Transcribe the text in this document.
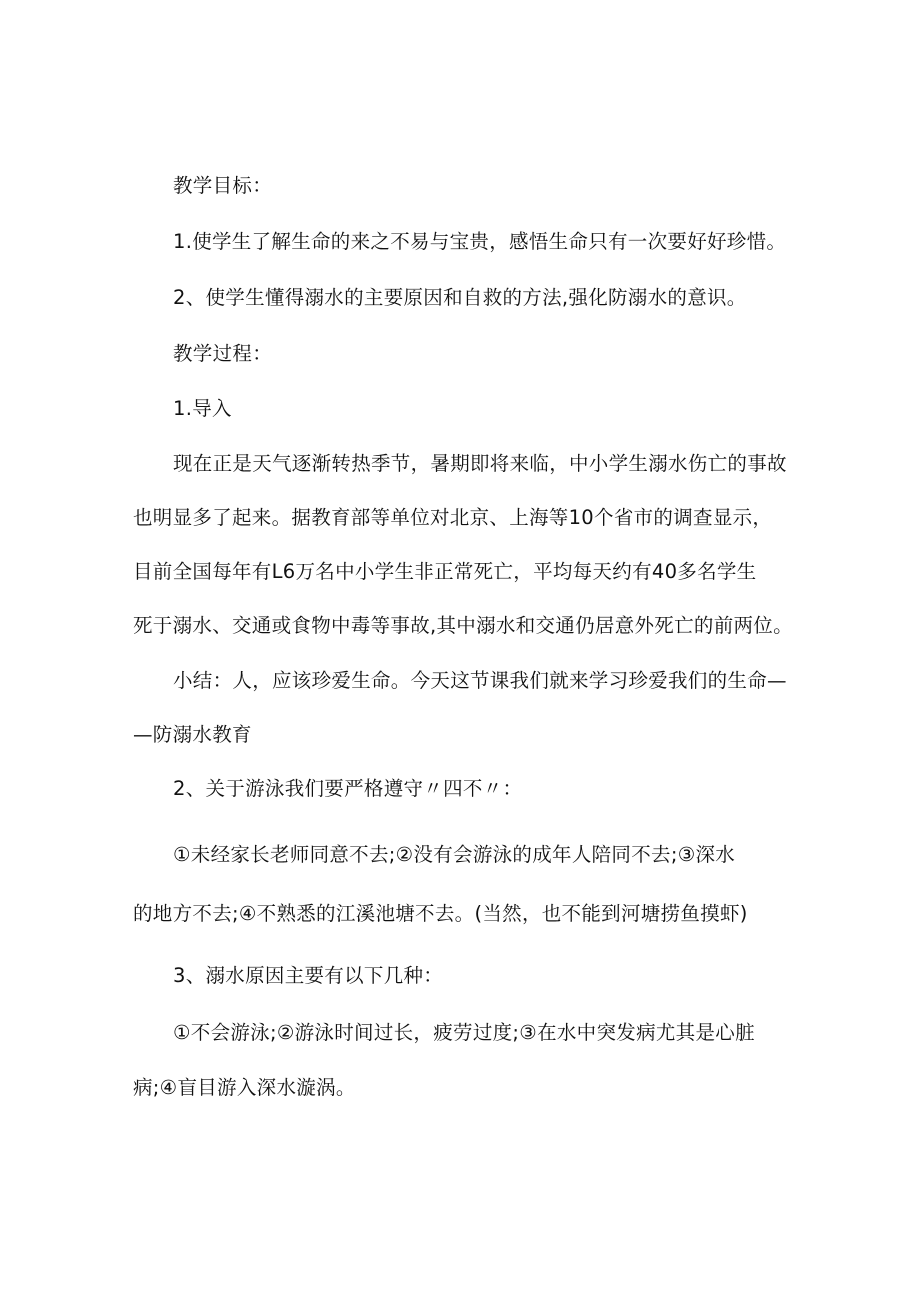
教学目标：
1.使学生了解生命的来之不易与宝贵，感悟生命只有一次要好好珍惜。
2、使学生懂得溺水的主要原因和自救的方法,强化防溺水的意识。
教学过程：
1.导入
现在正是天气逐渐转热季节，暑期即将来临，中小学生溺水伤亡的事故
也明显多了起来。据教育部等单位对北京、上海等10个省市的调查显示，
目前全国每年有L6万名中小学生非正常死亡，平均每天约有40多名学生
死于溺水、交通或食物中毒等事故,其中溺水和交通仍居意外死亡的前两位。
小结：人，应该珍爱生命。今天这节课我们就来学习珍爱我们的生命—
—防溺水教育
2、关于游泳我们要严格遵守〃四不〃：
①未经家长老师同意不去;②没有会游泳的成年人陪同不去;③深水
的地方不去;④不熟悉的江溪池塘不去。(当然，也不能到河塘捞鱼摸虾)
3、溺水原因主要有以下几种：
①不会游泳;②游泳时间过长，疲劳过度;③在水中突发病尤其是心脏
病;④盲目游入深水漩涡。
